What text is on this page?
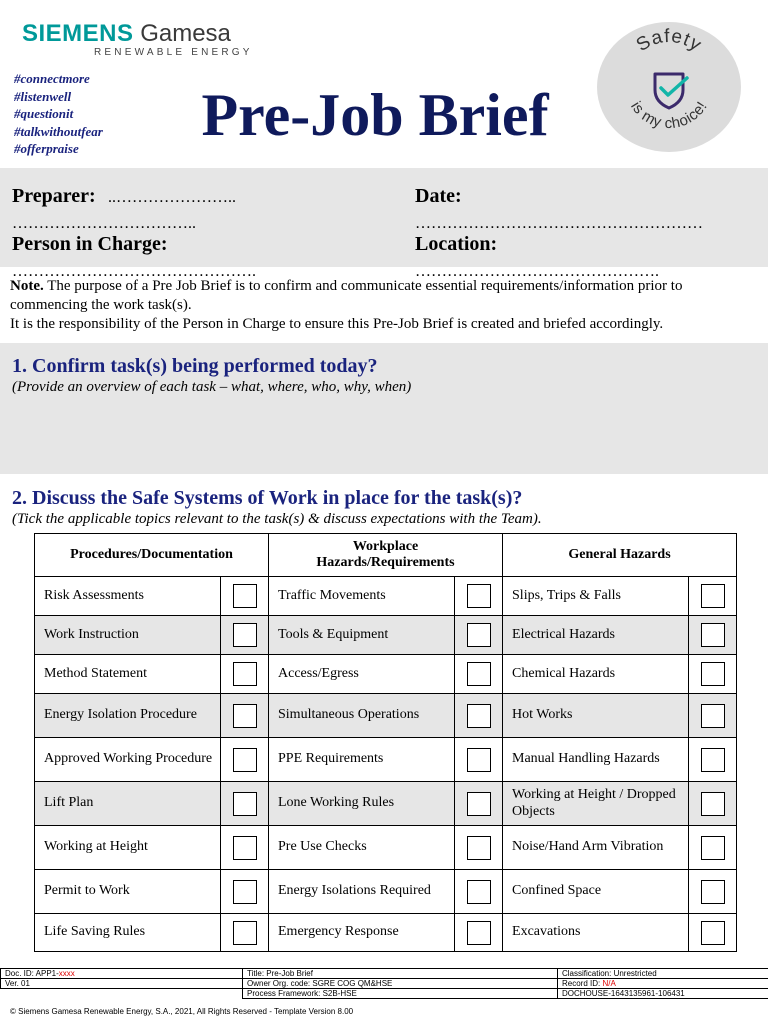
SIEMENS Gamesa
RENEWABLE ENERGY
#connectmore
#listenwell
#questionit
#talkwithoutfear
#offerpraise
Pre-Job Brief
Safety
is my choice!
Preparer: ..…………………..
……………………………..
Date:
………………………………………………
Person in Charge:
……………………………………….
Location:
……………………………………….
Note. The purpose of a Pre Job Brief is to confirm and communicate essential requirements/information prior to commencing the work task(s).
It is the responsibility of the Person in Charge to ensure this Pre-Job Brief is created and briefed accordingly.
1. Confirm task(s) being performed today?
(Provide an overview of each task – what, where, who, why, when)
2. Discuss the Safe Systems of Work in place for the task(s)?
(Tick the applicable topics relevant to the task(s) & discuss expectations with the Team).
Procedures/Documentation		Workplace Hazards/Requirements		General Hazards	
Risk Assessments		Traffic Movements		Slips, Trips & Falls	
Work Instruction		Tools & Equipment		Electrical Hazards	
Method Statement		Access/Egress		Chemical Hazards	
Energy Isolation Procedure		Simultaneous Operations		Hot Works	
Approved Working Procedure		PPE Requirements		Manual Handling Hazards	
Lift Plan		Lone Working Rules		Working at Height / Dropped Objects	
Working at Height		Pre Use Checks		Noise/Hand Arm Vibration	
Permit to Work		Energy Isolations Required		Confined Space	
Life Saving Rules		Emergency Response		Excavations	
Doc. ID: APP1-xxxx	Title: Pre-Job Brief	Classification: Unrestricted
Ver. 01	Owner Org. code: SGRE COG QM&HSE	Record ID: N/A
	Process Framework: S2B-HSE	DOCHOUSE-1643135961-106431
© Siemens Gamesa Renewable Energy, S.A., 2021, All Rights Reserved - Template Version 8.00
